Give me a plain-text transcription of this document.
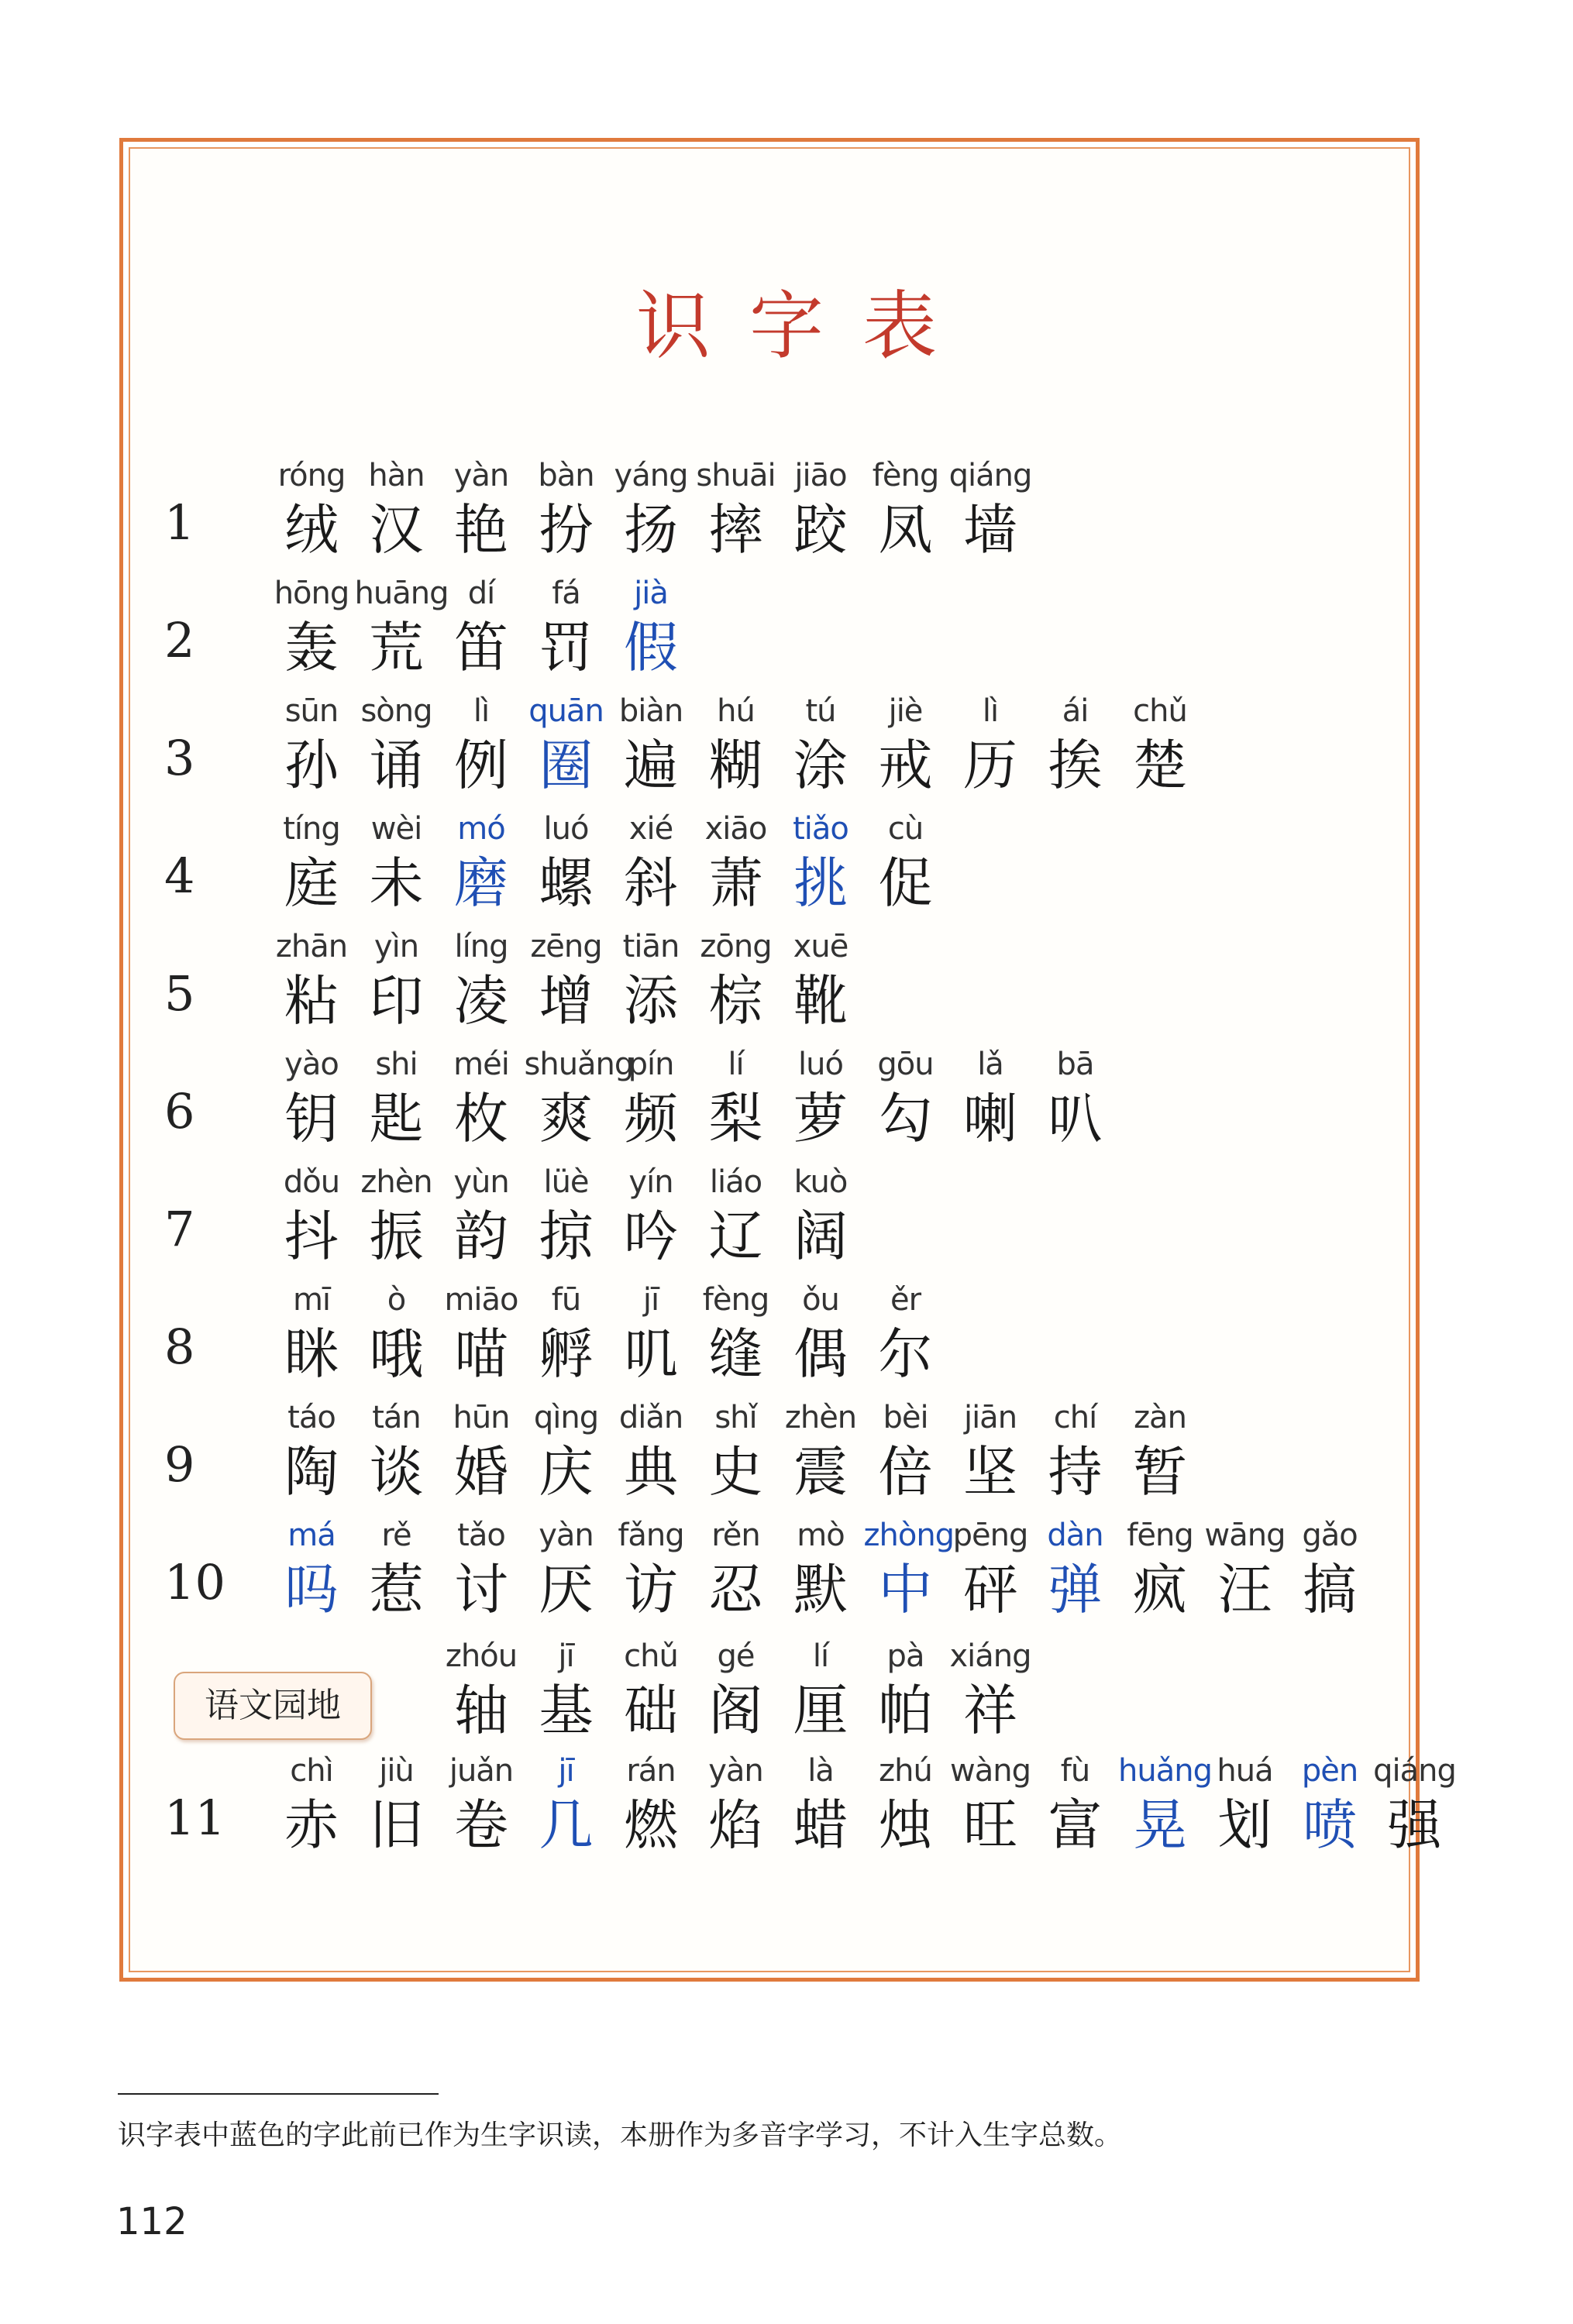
识字表
1
róng
绒
hàn
汉
yàn
艳
bàn
扮
yáng
扬
shuāi
摔
jiāo
跤
fèng
凤
qiáng
墙
2
hōng
轰
huāng
荒
dí
笛
fá
罚
jià
假
3
sūn
孙
sòng
诵
lì
例
quān
圈
biàn
遍
hú
糊
tú
涂
jiè
戒
lì
历
ái
挨
chǔ
楚
4
tíng
庭
wèi
未
mó
磨
luó
螺
xié
斜
xiāo
萧
tiǎo
挑
cù
促
5
zhān
粘
yìn
印
líng
凌
zēng
增
tiān
添
zōng
棕
xuē
靴
6
yào
钥
shi
匙
méi
枚
shuǎng
爽
pín
频
lí
梨
luó
萝
gōu
勾
lǎ
喇
bā
叭
7
dǒu
抖
zhèn
振
yùn
韵
lüè
掠
yín
吟
liáo
辽
kuò
阔
8
mī
眯
ò
哦
miāo
喵
fū
孵
jī
叽
fèng
缝
ǒu
偶
ěr
尔
9
táo
陶
tán
谈
hūn
婚
qìng
庆
diǎn
典
shǐ
史
zhèn
震
bèi
倍
jiān
坚
chí
持
zàn
暂
10
má
吗
rě
惹
tǎo
讨
yàn
厌
fǎng
访
rěn
忍
mò
默
zhòng
中
pēng
砰
dàn
弹
fēng
疯
wāng
汪
gǎo
搞
语文园地
zhóu
轴
jī
基
chǔ
础
gé
阁
lí
厘
pà
帕
xiáng
祥
11
chì
赤
jiù
旧
juǎn
卷
jī
几
rán
燃
yàn
焰
là
蜡
zhú
烛
wàng
旺
fù
富
huǎng
晃
huá
划
pèn
喷
qiáng
强
识字表中蓝色的字此前已作为生字识读，本册作为多音字学习，不计入生字总数。
112
